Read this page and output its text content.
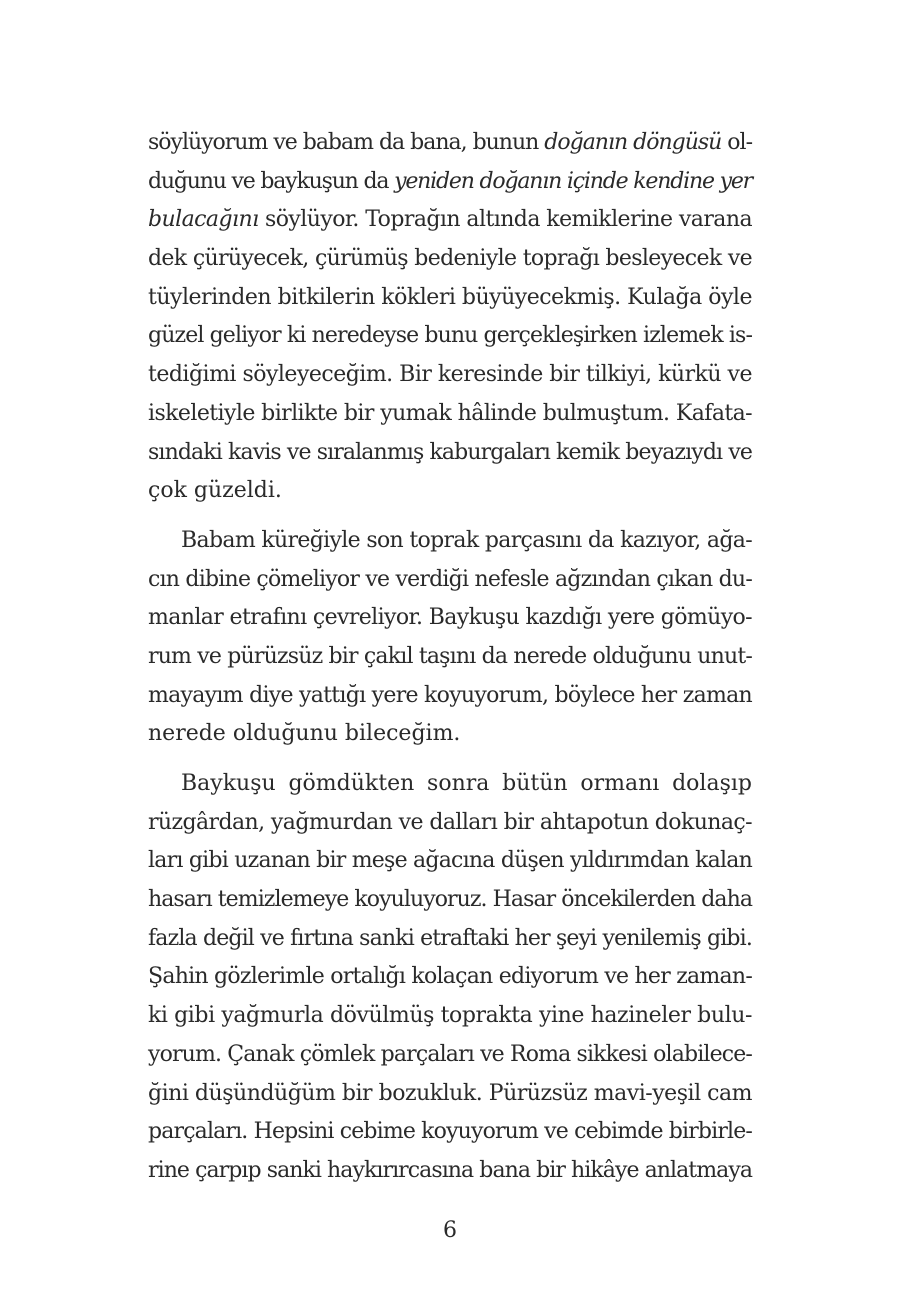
söylüyorum ve babam da bana, bunun doğanın döngüsü ol-
duğunu ve baykuşun da yeniden doğanın içinde kendine yer
bulacağını söylüyor. Toprağın altında kemiklerine varana
dek çürüyecek, çürümüş bedeniyle toprağı besleyecek ve
tüylerinden bitkilerin kökleri büyüyecekmiş. Kulağa öyle
güzel geliyor ki neredeyse bunu gerçekleşirken izlemek is-
tediğimi söyleyeceğim. Bir keresinde bir tilkiyi, kürkü ve
iskeletiyle birlikte bir yumak hâlinde bulmuştum. Kafata-
sındaki kavis ve sıralanmış kaburgaları kemik beyazıydı ve
çok güzeldi.
Babam küreğiyle son toprak parçasını da kazıyor, ağa-
cın dibine çömeliyor ve verdiği nefesle ağzından çıkan du-
manlar etrafını çevreliyor. Baykuşu kazdığı yere gömüyo-
rum ve pürüzsüz bir çakıl taşını da nerede olduğunu unut-
mayayım diye yattığı yere koyuyorum, böylece her zaman
nerede olduğunu bileceğim.
Baykuşu gömdükten sonra bütün ormanı dolaşıp
rüzgârdan, yağmurdan ve dalları bir ahtapotun dokunaç-
ları gibi uzanan bir meşe ağacına düşen yıldırımdan kalan
hasarı temizlemeye koyuluyoruz. Hasar öncekilerden daha
fazla değil ve fırtına sanki etraftaki her şeyi yenilemiş gibi.
Şahin gözlerimle ortalığı kolaçan ediyorum ve her zaman-
ki gibi yağmurla dövülmüş toprakta yine hazineler bulu-
yorum. Çanak çömlek parçaları ve Roma sikkesi olabilece-
ğini düşündüğüm bir bozukluk. Pürüzsüz mavi-yeşil cam
parçaları. Hepsini cebime koyuyorum ve cebimde birbirle-
rine çarpıp sanki haykırırcasına bana bir hikâye anlatmaya
6
